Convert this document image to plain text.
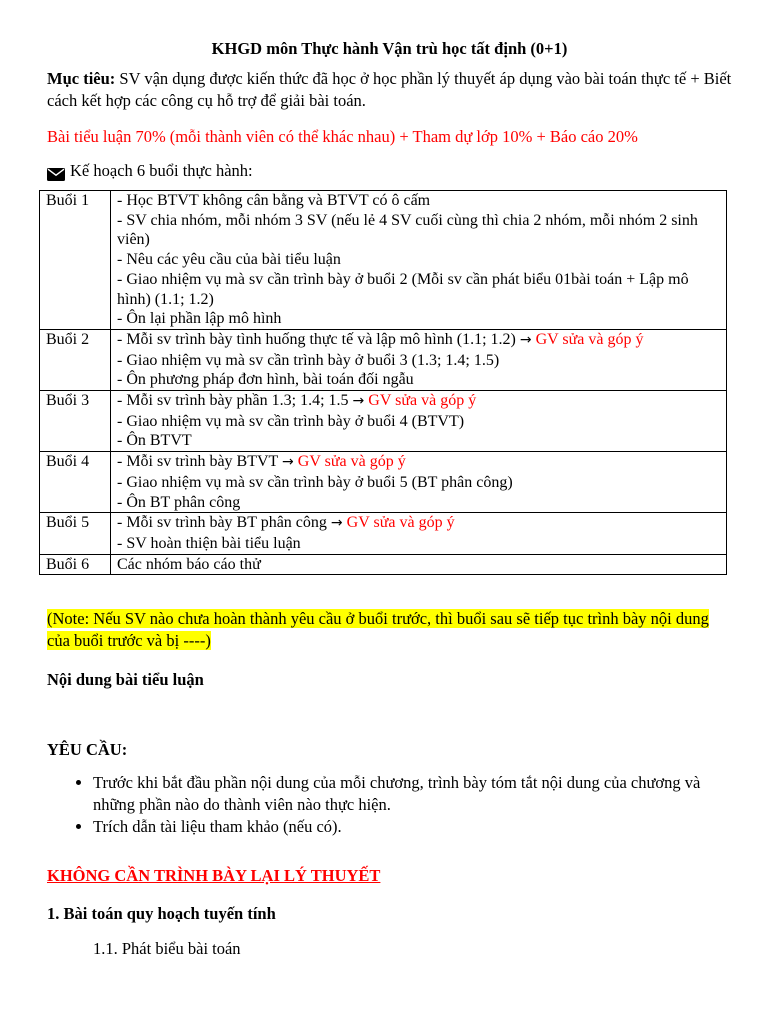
KHGD môn Thực hành Vận trù học tất định (0+1)

Mục tiêu: SV vận dụng được kiến thức đã học ở học phần lý thuyết áp dụng vào bài toán thực tế + Biết cách kết hợp các công cụ hỗ trợ để giải bài toán.

Bài tiểu luận 70% (mỗi thành viên có thể khác nhau) + Tham dự lớp 10% + Báo cáo 20%

Kế hoạch 6 buổi thực hành:

Buổi 1	- Học BTVT không cân bằng và BTVT có ô cấm
- SV chia nhóm, mỗi nhóm 3 SV (nếu lẻ 4 SV cuối cùng thì chia 2 nhóm, mỗi nhóm 2 sinh viên)
- Nêu các yêu cầu của bài tiểu luận
- Giao nhiệm vụ mà sv cần trình bày ở buổi 2 (Mỗi sv cần phát biểu 01bài toán + Lập mô hình) (1.1; 1.2)
- Ôn lại phần lập mô hình

Buổi 2	- Mỗi sv trình bày tình huống thực tế và lập mô hình (1.1; 1.2) → GV sửa và góp ý
- Giao nhiệm vụ mà sv cần trình bày ở buổi 3 (1.3; 1.4; 1.5)
- Ôn phương pháp đơn hình, bài toán đối ngẫu

Buổi 3	- Mỗi sv trình bày phần 1.3; 1.4; 1.5 → GV sửa và góp ý
- Giao nhiệm vụ mà sv cần trình bày ở buổi 4 (BTVT)
- Ôn BTVT

Buổi 4	- Mỗi sv trình bày BTVT → GV sửa và góp ý
- Giao nhiệm vụ mà sv cần trình bày ở buổi 5 (BT phân công)
- Ôn BT phân công

Buổi 5	- Mỗi sv trình bày BT phân công → GV sửa và góp ý
- SV hoàn thiện bài tiểu luận

Buổi 6	Các nhóm báo cáo thử

(Note: Nếu SV nào chưa hoàn thành yêu cầu ở buổi trước, thì buổi sau sẽ tiếp tục trình bày nội dung của buổi trước và bị ----)

Nội dung bài tiểu luận

YÊU CẦU:

• Trước khi bắt đầu phần nội dung của mỗi chương, trình bày tóm tắt nội dung của chương và những phần nào do thành viên nào thực hiện.
• Trích dẫn tài liệu tham khảo (nếu có).

KHÔNG CẦN TRÌNH BÀY LẠI LÝ THUYẾT

1. Bài toán quy hoạch tuyến tính

1.1. Phát biểu bài toán
